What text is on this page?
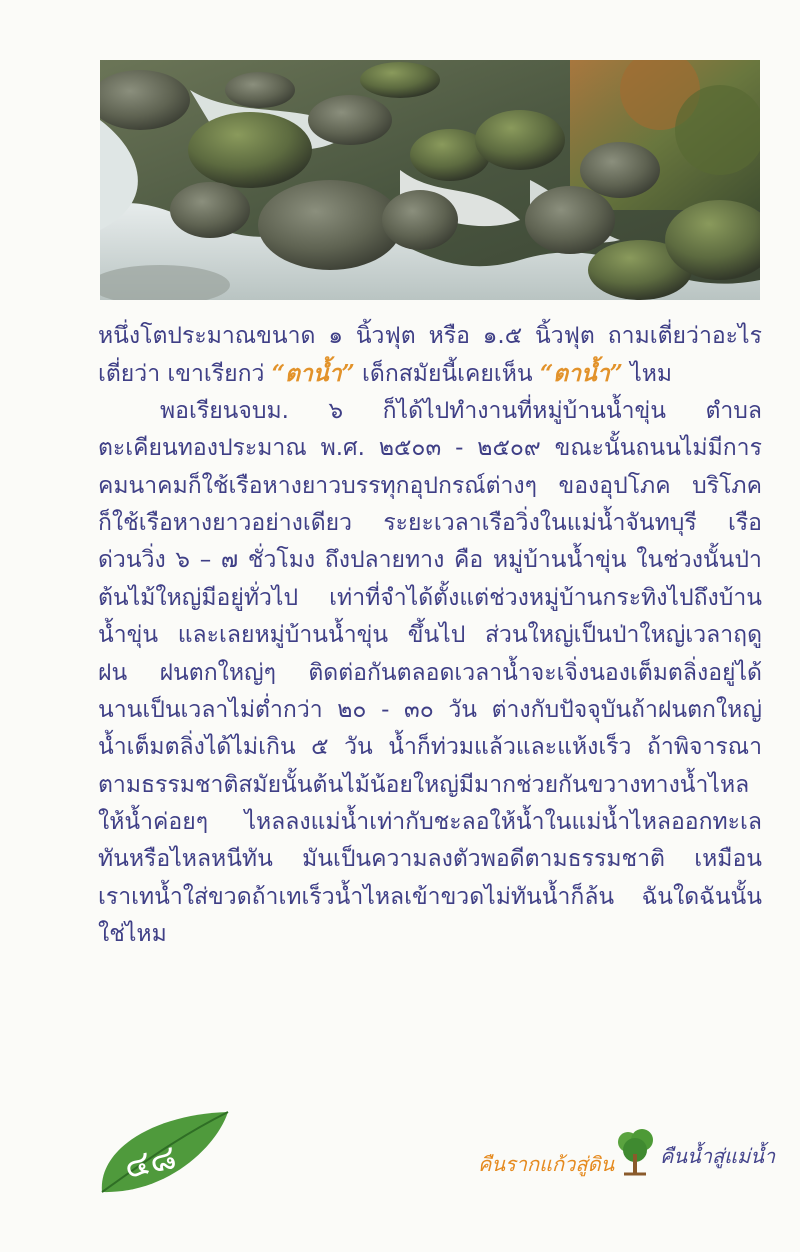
หนึ่งโตประมาณขนาด ๑ นิ้วฟุต หรือ ๑.๕ นิ้วฟุต ถามเตี่ยว่าอะไร
เตี่ยว่า เขาเรียกว่ “ตาน้ำ” เด็กสมัยนี้เคยเห็น “ตาน้ำ” ไหม
พอเรียนจบม. ๖ ก็ได้ไปทำงานที่หมู่บ้านน้ำขุ่น ตำบล
ตะเคียนทองประมาณ พ.ศ. ๒๕๐๓ - ๒๕๐๙ ขณะนั้นถนนไม่มีการ
คมนาคมก็ใช้เรือหางยาวบรรทุกอุปกรณ์ต่างๆ ของอุปโภค บริโภค
ก็ใช้เรือหางยาวอย่างเดียว ระยะเวลาเรือวิ่งในแม่น้ำจันทบุรี เรือ
ด่วนวิ่ง ๖ – ๗ ชั่วโมง ถึงปลายทาง คือ หมู่บ้านน้ำขุ่น ในช่วงนั้นป่า
ต้นไม้ใหญ่มีอยู่ทั่วไป เท่าที่จำได้ตั้งแต่ช่วงหมู่บ้านกระทิงไปถึงบ้าน
น้ำขุ่น และเลยหมู่บ้านน้ำขุ่น ขึ้นไป ส่วนใหญ่เป็นป่าใหญ่เวลาฤดู
ฝน ฝนตกใหญ่ๆ ติดต่อกันตลอดเวลาน้ำจะเจิ่งนองเต็มตลิ่งอยู่ได้
นานเป็นเวลาไม่ต่ำกว่า ๒๐ - ๓๐ วัน ต่างกับปัจจุบันถ้าฝนตกใหญ่
น้ำเต็มตลิ่งได้ไม่เกิน ๕ วัน น้ำก็ท่วมแล้วและแห้งเร็ว ถ้าพิจารณา
ตามธรรมชาติสมัยนั้นต้นไม้น้อยใหญ่มีมากช่วยกันขวางทางน้ำไหล
ให้น้ำค่อยๆ ไหลลงแม่น้ำเท่ากับชะลอให้น้ำในแม่น้ำไหลออกทะเล
ทันหรือไหลหนีทัน มันเป็นความลงตัวพอดีตามธรรมชาติ เหมือน
เราเทน้ำใส่ขวดถ้าเทเร็วน้ำไหลเข้าขวดไม่ทันน้ำก็ล้น ฉันใดฉันนั้น
ใช่ไหม
๔๘	คืนรากแก้วสู่ดิน คืนน้ำสู่แม่น้ำ
